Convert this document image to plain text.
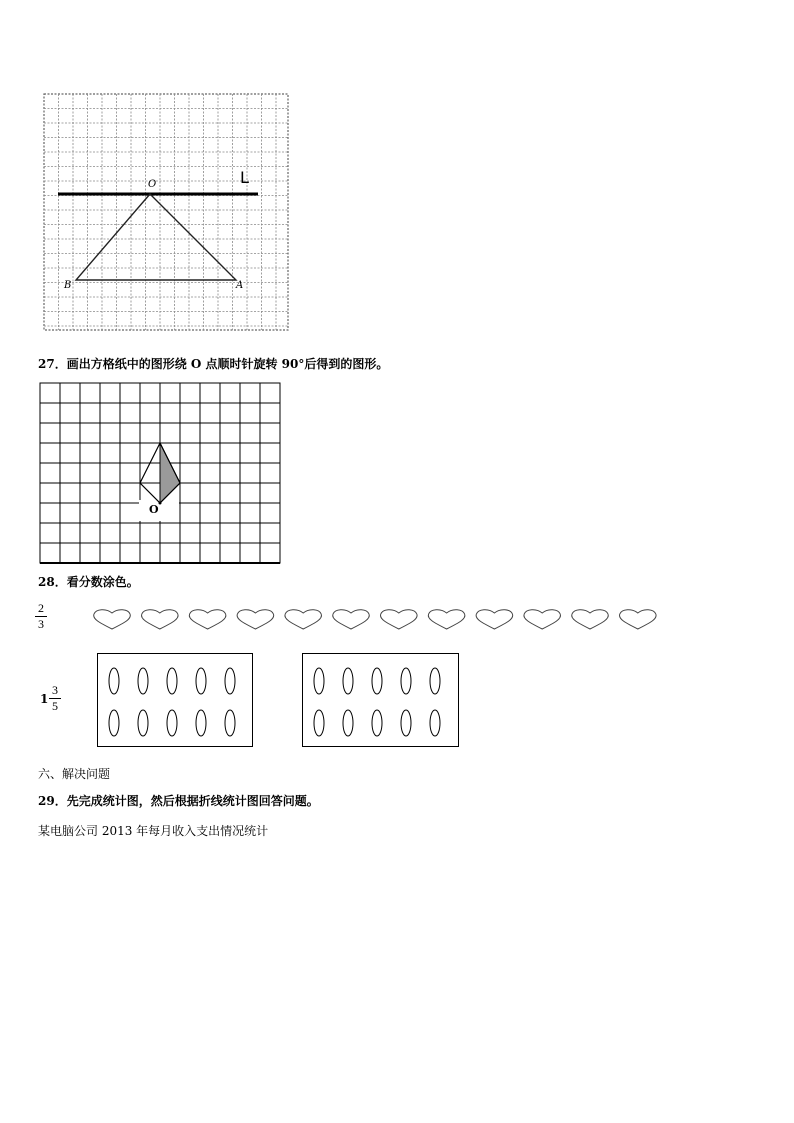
O	L
B	A
27．画出方格纸中的图形绕 O 点顺时针旋转 90°后得到的图形。
O
28．看分数涂色。
2
3
1
3
5
六、解决问题
29．先完成统计图，然后根据折线统计图回答问题。
某电脑公司 2013 年每月收入支出情况统计
